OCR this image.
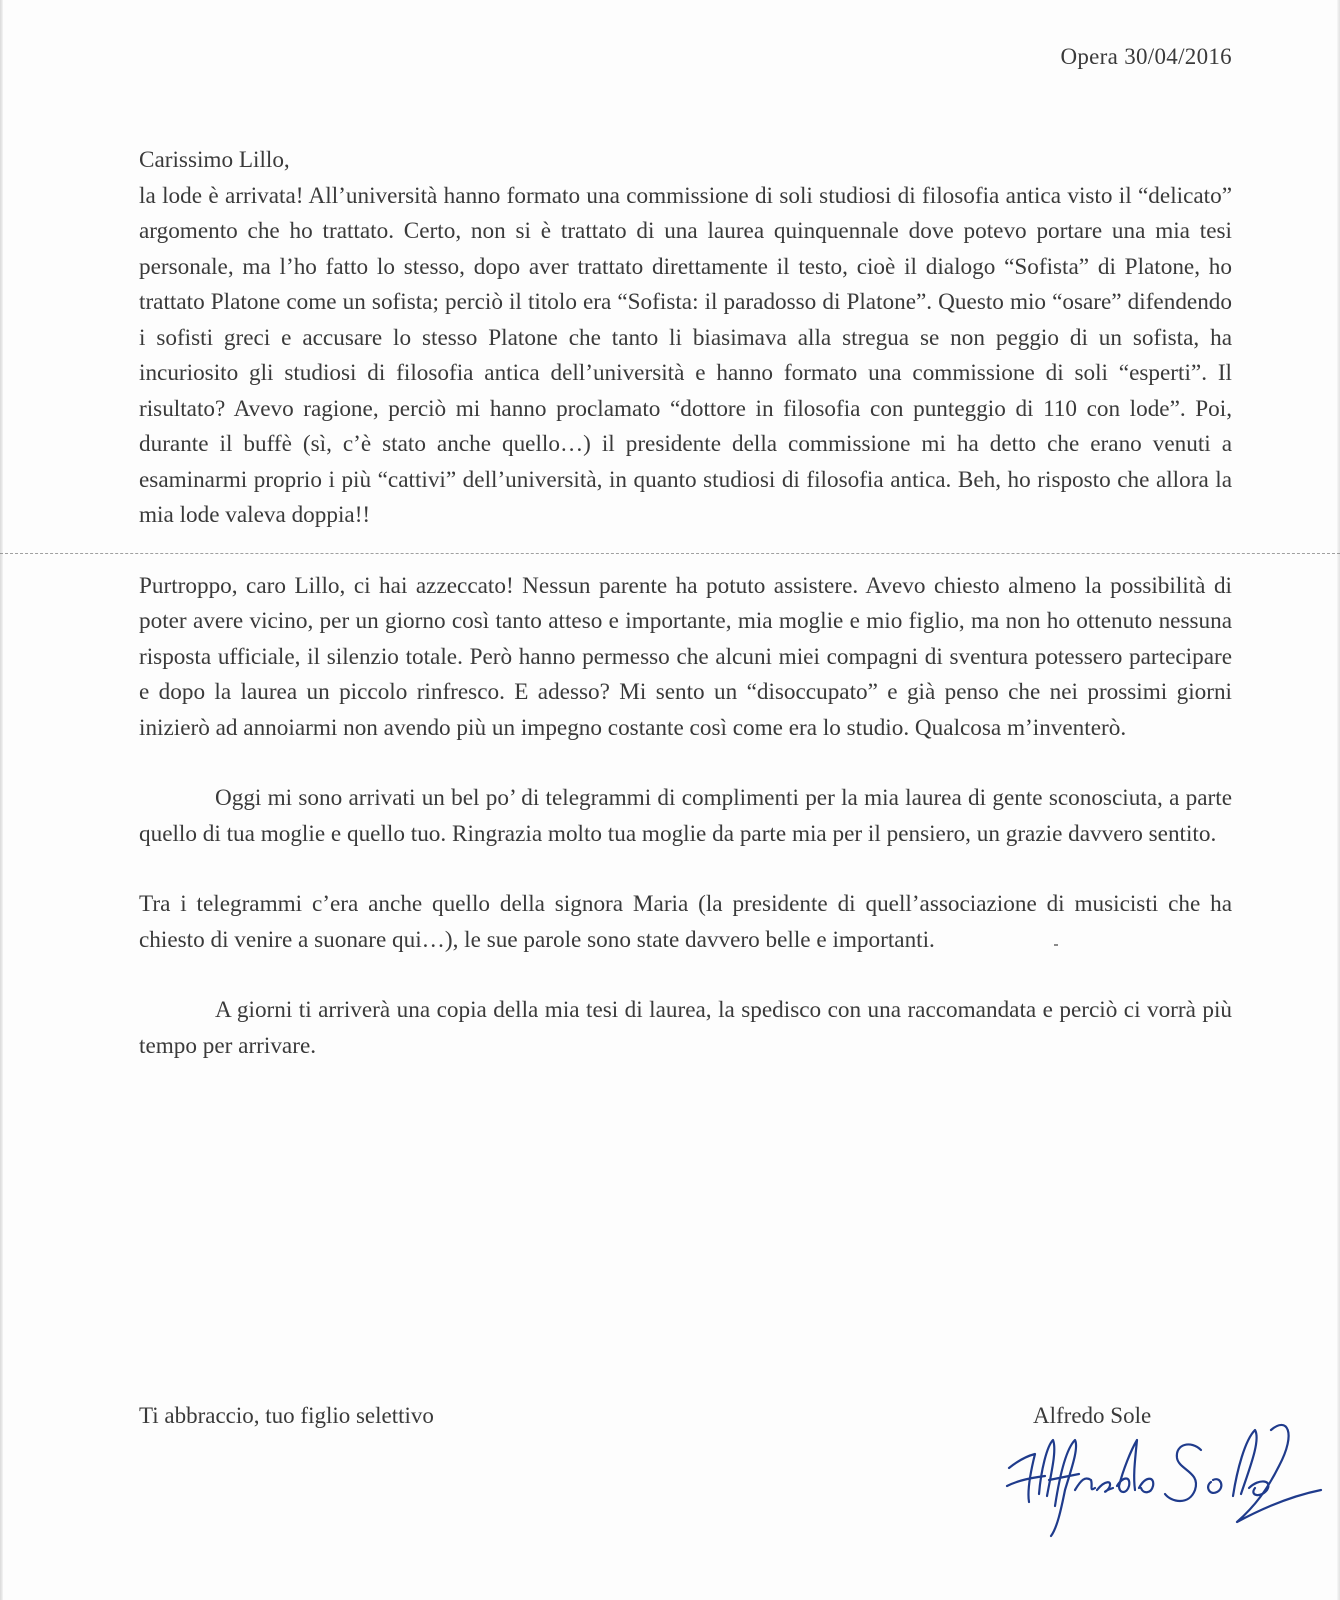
Opera 30/04/2016

Carissimo Lillo,

la lode è arrivata! All’università hanno formato una commissione di soli studiosi di filosofia antica visto il “delicato” argomento che ho trattato. Certo, non si è trattato di una laurea quinquennale dove potevo portare una mia tesi personale, ma l’ho fatto lo stesso, dopo aver trattato direttamente il testo, cioè il dialogo “Sofista” di Platone, ho trattato Platone come un sofista; perciò il titolo era “Sofista: il paradosso di Platone”. Questo mio “osare” difendendo i sofisti greci e accusare lo stesso Platone che tanto li biasimava alla stregua se non peggio di un sofista, ha incuriosito gli studiosi di filosofia antica dell’università e hanno formato una commissione di soli “esperti”. Il risultato? Avevo ragione, perciò mi hanno proclamato “dottore in filosofia con punteggio di 110 con lode”. Poi, durante il buffè (sì, c’è stato anche quello…) il presidente della commissione mi ha detto che erano venuti a esaminarmi proprio i più “cattivi” dell’università, in quanto studiosi di filosofia antica. Beh, ho risposto che allora la mia lode valeva doppia!!

Purtroppo, caro Lillo, ci hai azzeccato! Nessun parente ha potuto assistere. Avevo chiesto almeno la possibilità di poter avere vicino, per un giorno così tanto atteso e importante, mia moglie e mio figlio, ma non ho ottenuto nessuna risposta ufficiale, il silenzio totale. Però hanno permesso che alcuni miei compagni di sventura potessero partecipare e dopo la laurea un piccolo rinfresco. E adesso? Mi sento un “disoccupato” e già penso che nei prossimi giorni inizierò ad annoiarmi non avendo più un impegno costante così come era lo studio. Qualcosa m’inventerò.

Oggi mi sono arrivati un bel po’ di telegrammi di complimenti per la mia laurea di gente sconosciuta, a parte quello di tua moglie e quello tuo. Ringrazia molto tua moglie da parte mia per il pensiero, un grazie davvero sentito.

Tra i telegrammi c’era anche quello della signora Maria (la presidente di quell’associazione di musicisti che ha chiesto di venire a suonare qui…), le sue parole sono state davvero belle e importanti.

A giorni ti arriverà una copia della mia tesi di laurea, la spedisco con una raccomandata e perciò ci vorrà più tempo per arrivare.

Ti abbraccio, tuo figlio selettivo	Alfredo Sole
